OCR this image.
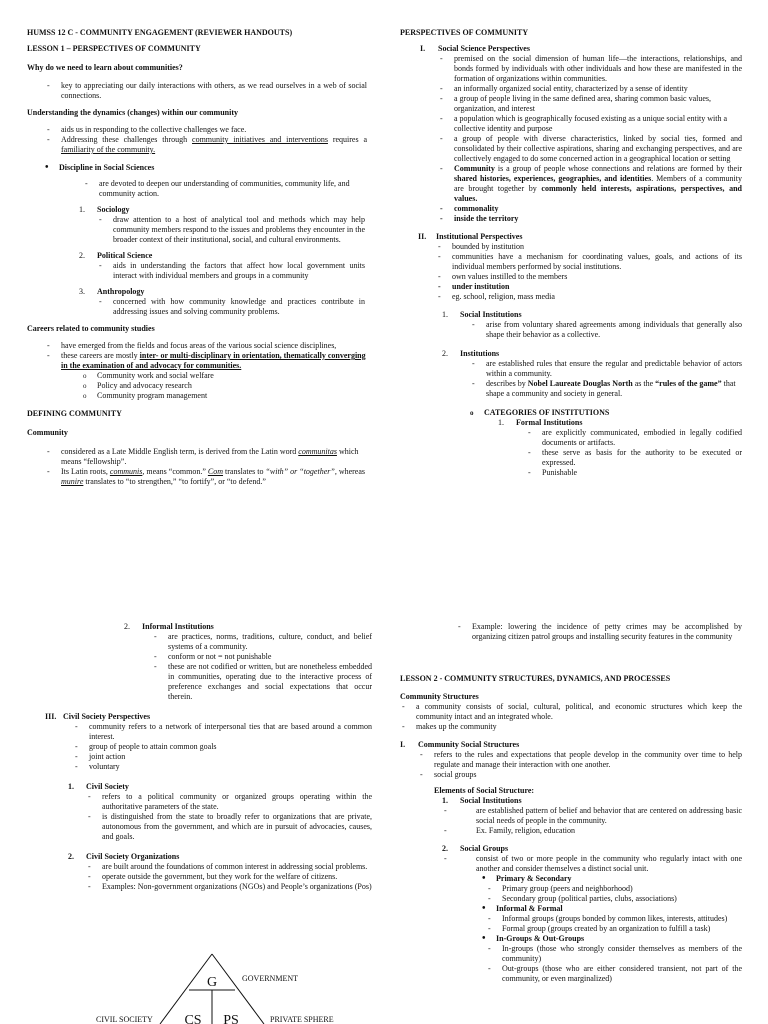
HUMSS 12 C - COMMUNITY ENGAGEMENT (REVIEWER HANDOUTS)

LESSON 1 – PERSPECTIVES OF COMMUNITY

Why do we need to learn about communities?

- key to appreciating our daily interactions with others, as we read ourselves in a web of social connections.

Understanding the dynamics (changes) within our community

- aids us in responding to the collective challenges we face.

- Addressing these challenges through community initiatives and interventions requires a familiarity of the community.

• Discipline in Social Sciences

- are devoted to deepen our understanding of communities, community life, and community action.

1. Sociology

- draw attention to a host of analytical tool and methods which may help community members respond to the issues and problems they encounter in the broader context of their institutional, social, and cultural environments.

2. Political Science

- aids in understanding the factors that affect how local government units interact with individual members and groups in a community

3. Anthropology

- concerned with how community knowledge and practices contribute in addressing issues and solving community problems.

Careers related to community studies

- have emerged from the fields and focus areas of the various social science disciplines,

- these careers are mostly inter- or multi-disciplinary in orientation, thematically converging in the examination of and advocacy for communities.

o Community work and social welfare

o Policy and advocacy research

o Community program management

DEFINING COMMUNITY

Community

- considered as a Late Middle English term, is derived from the Latin word communitas which means “fellowship”.

- Its Latin roots, communis, means “common.” Com translates to “with” or “together”, whereas munire translates to “to strengthen,” “to fortify”, or “to defend.”

PERSPECTIVES OF COMMUNITY

I. Social Science Perspectives

- premised on the social dimension of human life—the interactions, relationships, and bonds formed by individuals with other individuals and how these are manifested in the formation of organizations within communities.

- an informally organized social entity, characterized by a sense of identity

- a group of people living in the same defined area, sharing common basic values, organization, and interest

- a population which is geographically focused existing as a unique social entity with a collective identity and purpose

- a group of people with diverse characteristics, linked by social ties, formed and consolidated by their collective aspirations, sharing and exchanging perspectives, and are collectively engaged to do some concerned action in a geographical location or setting

- Community is a group of people whose connections and relations are formed by their shared histories, experiences, geographies, and identities. Members of a community are brought together by commonly held interests, aspirations, perspectives, and values.

- commonality

- inside the territory

II. Institutional Perspectives

- bounded by institution

- communities have a mechanism for coordinating values, goals, and actions of its individual members performed by social institutions.

- own values instilled to the members

- under institution

- eg. school, religion, mass media

1. Social Institutions

- arise from voluntary shared agreements among individuals that generally also shape their behavior as a collective.

2. Institutions

- are established rules that ensure the regular and predictable behavior of actors within a community.

- describes by Nobel Laureate Douglas North as the “rules of the game” that shape a community and society in general.

o CATEGORIES OF INSTITUTIONS

1. Formal Institutions

- are explicitly communicated, embodied in legally codified documents or artifacts.

- these serve as basis for the authority to be executed or expressed.

- Punishable

2. Informal Institutions

- are practices, norms, traditions, culture, conduct, and belief systems of a community.

- conform or not = not punishable

- these are not codified or written, but are nonetheless embedded in communities, operating due to the interactive process of preference exchanges and social expectations that occur therein.

III. Civil Society Perspectives

- community refers to a network of interpersonal ties that are based around a common interest.

- group of people to attain common goals

- joint action

- voluntary

1. Civil Society

- refers to a political community or organized groups operating within the authoritative parameters of the state.

- is distinguished from the state to broadly refer to organizations that are private, autonomous from the government, and which are in pursuit of advocacies, causes, and goals.

2. Civil Society Organizations

- are built around the foundations of common interest in addressing social problems.

- operate outside the government, but they work for the welfare of citizens.

- Examples: Non-government organizations (NGOs) and People’s organizations (Pos)

G
CS PS
GOVERNMENT
CIVIL SOCIETY	PRIVATE SPHERE

- Example: lowering the incidence of petty crimes may be accomplished by organizing citizen patrol groups and installing security features in the community

LESSON 2 - COMMUNITY STRUCTURES, DYNAMICS, AND PROCESSES

Community Structures

- a community consists of social, cultural, political, and economic structures which keep the community intact and an integrated whole.

- makes up the community

I. Community Social Structures

- refers to the rules and expectations that people develop in the community over time to help regulate and manage their interaction with one another.

- social groups

Elements of Social Structure:

1. Social Institutions

- are established pattern of belief and behavior that are centered on addressing basic social needs of people in the community.

- Ex. Family, religion, education

2. Social Groups

- consist of two or more people in the community who regularly intact with one another and consider themselves a distinct social unit.

• Primary & Secondary

- Primary group (peers and neighborhood)

- Secondary group (political parties, clubs, associations)

• Informal & Formal

- Informal groups (groups bonded by common likes, interests, attitudes)

- Formal group (groups created by an organization to fulfill a task)

• In-Groups & Out-Groups

- In-groups (those who strongly consider themselves as members of the community)

- Out-groups (those who are either considered transient, not part of the community, or even marginalized)
